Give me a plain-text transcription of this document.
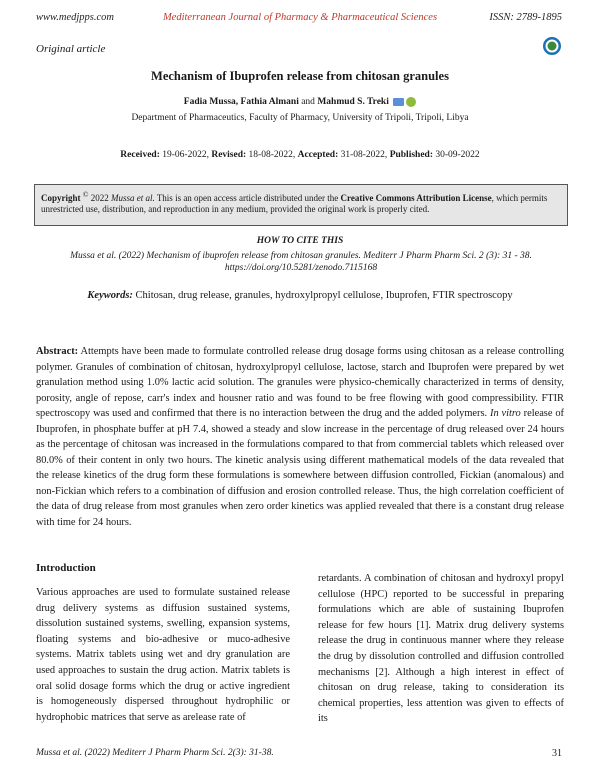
www.medjpps.com	Mediterranean Journal of Pharmacy & Pharmaceutical Sciences	ISSN: 2789-1895
Original article
Mechanism of Ibuprofen release from chitosan granules
Fadia Mussa, Fathia Almani and Mahmud S. Treki
Department of Pharmaceutics, Faculty of Pharmacy, University of Tripoli, Tripoli, Libya
Received: 19-06-2022, Revised: 18-08-2022, Accepted: 31-08-2022, Published: 30-09-2022
Copyright © 2022 Mussa et al. This is an open access article distributed under the Creative Commons Attribution License, which permits unrestricted use, distribution, and reproduction in any medium, provided the original work is properly cited.
HOW TO CITE THIS
Mussa et al. (2022) Mechanism of ibuprofen release from chitosan granules. Mediterr J Pharm Pharm Sci. 2 (3): 31 - 38.
https://doi.org/10.5281/zenodo.7115168
Keywords: Chitosan, drug release, granules, hydroxylpropyl cellulose, Ibuprofen, FTIR spectroscopy
Abstract: Attempts have been made to formulate controlled release drug dosage forms using chitosan as a release controlling polymer. Granules of combination of chitosan, hydroxylpropyl cellulose, lactose, starch and Ibuprofen were prepared by wet granulation method using 1.0% lactic acid solution. The granules were physico-chemically characterized in terms of density, porosity, angle of repose, carr's index and housner ratio and was found to be free flowing with good compressibility. FTIR spectroscopy was used and confirmed that there is no interaction between the drug and the added polymers. In vitro release of Ibuprofen, in phosphate buffer at pH 7.4, showed a steady and slow increase in the percentage of drug released over 24 hours as the percentage of chitosan was increased in the formulations compared to that from commercial tablets which released over 80.0% of their content in only two hours. The kinetic analysis using different mathematical models of the data revealed that the release kinetics of the drug form these formulations is somewhere between diffusion controlled, Fickian (anomalous) and non-Fickian which refers to a combination of diffusion and erosion controlled release. Thus, the high correlation coefficient of the data of drug release from most granules when zero order kinetics was applied revealed that there is a constant drug release with time for 24 hours.
Introduction
Various approaches are used to formulate sustained release drug delivery systems as diffusion sustained systems, dissolution sustained systems, swelling, expansion systems, floating systems and bio-adhesive or muco-adhesive systems. Matrix tablets using wet and dry granulation are used approaches to sustain the drug action. Matrix tablets is oral solid dosage forms which the drug or active ingredient is homogeneously dispersed throughout hydrophilic or hydrophobic matrices that serve as arelease rate of
retardants. A combination of chitosan and hydroxyl propyl cellulose (HPC) reported to be successful in preparing formulations which are able of sustaining Ibuprofen release for few hours [1]. Matrix drug delivery systems release the drug in continuous manner where they release the drug by dissolution controlled and diffusion controlled mechanisms [2]. Although a high interest in effect of chitosan on drug release, taking to consideration its chemical properties, less attention was given to effects of its
Mussa et al. (2022) Mediterr J Pharm Pharm Sci. 2(3): 31-38.	31
